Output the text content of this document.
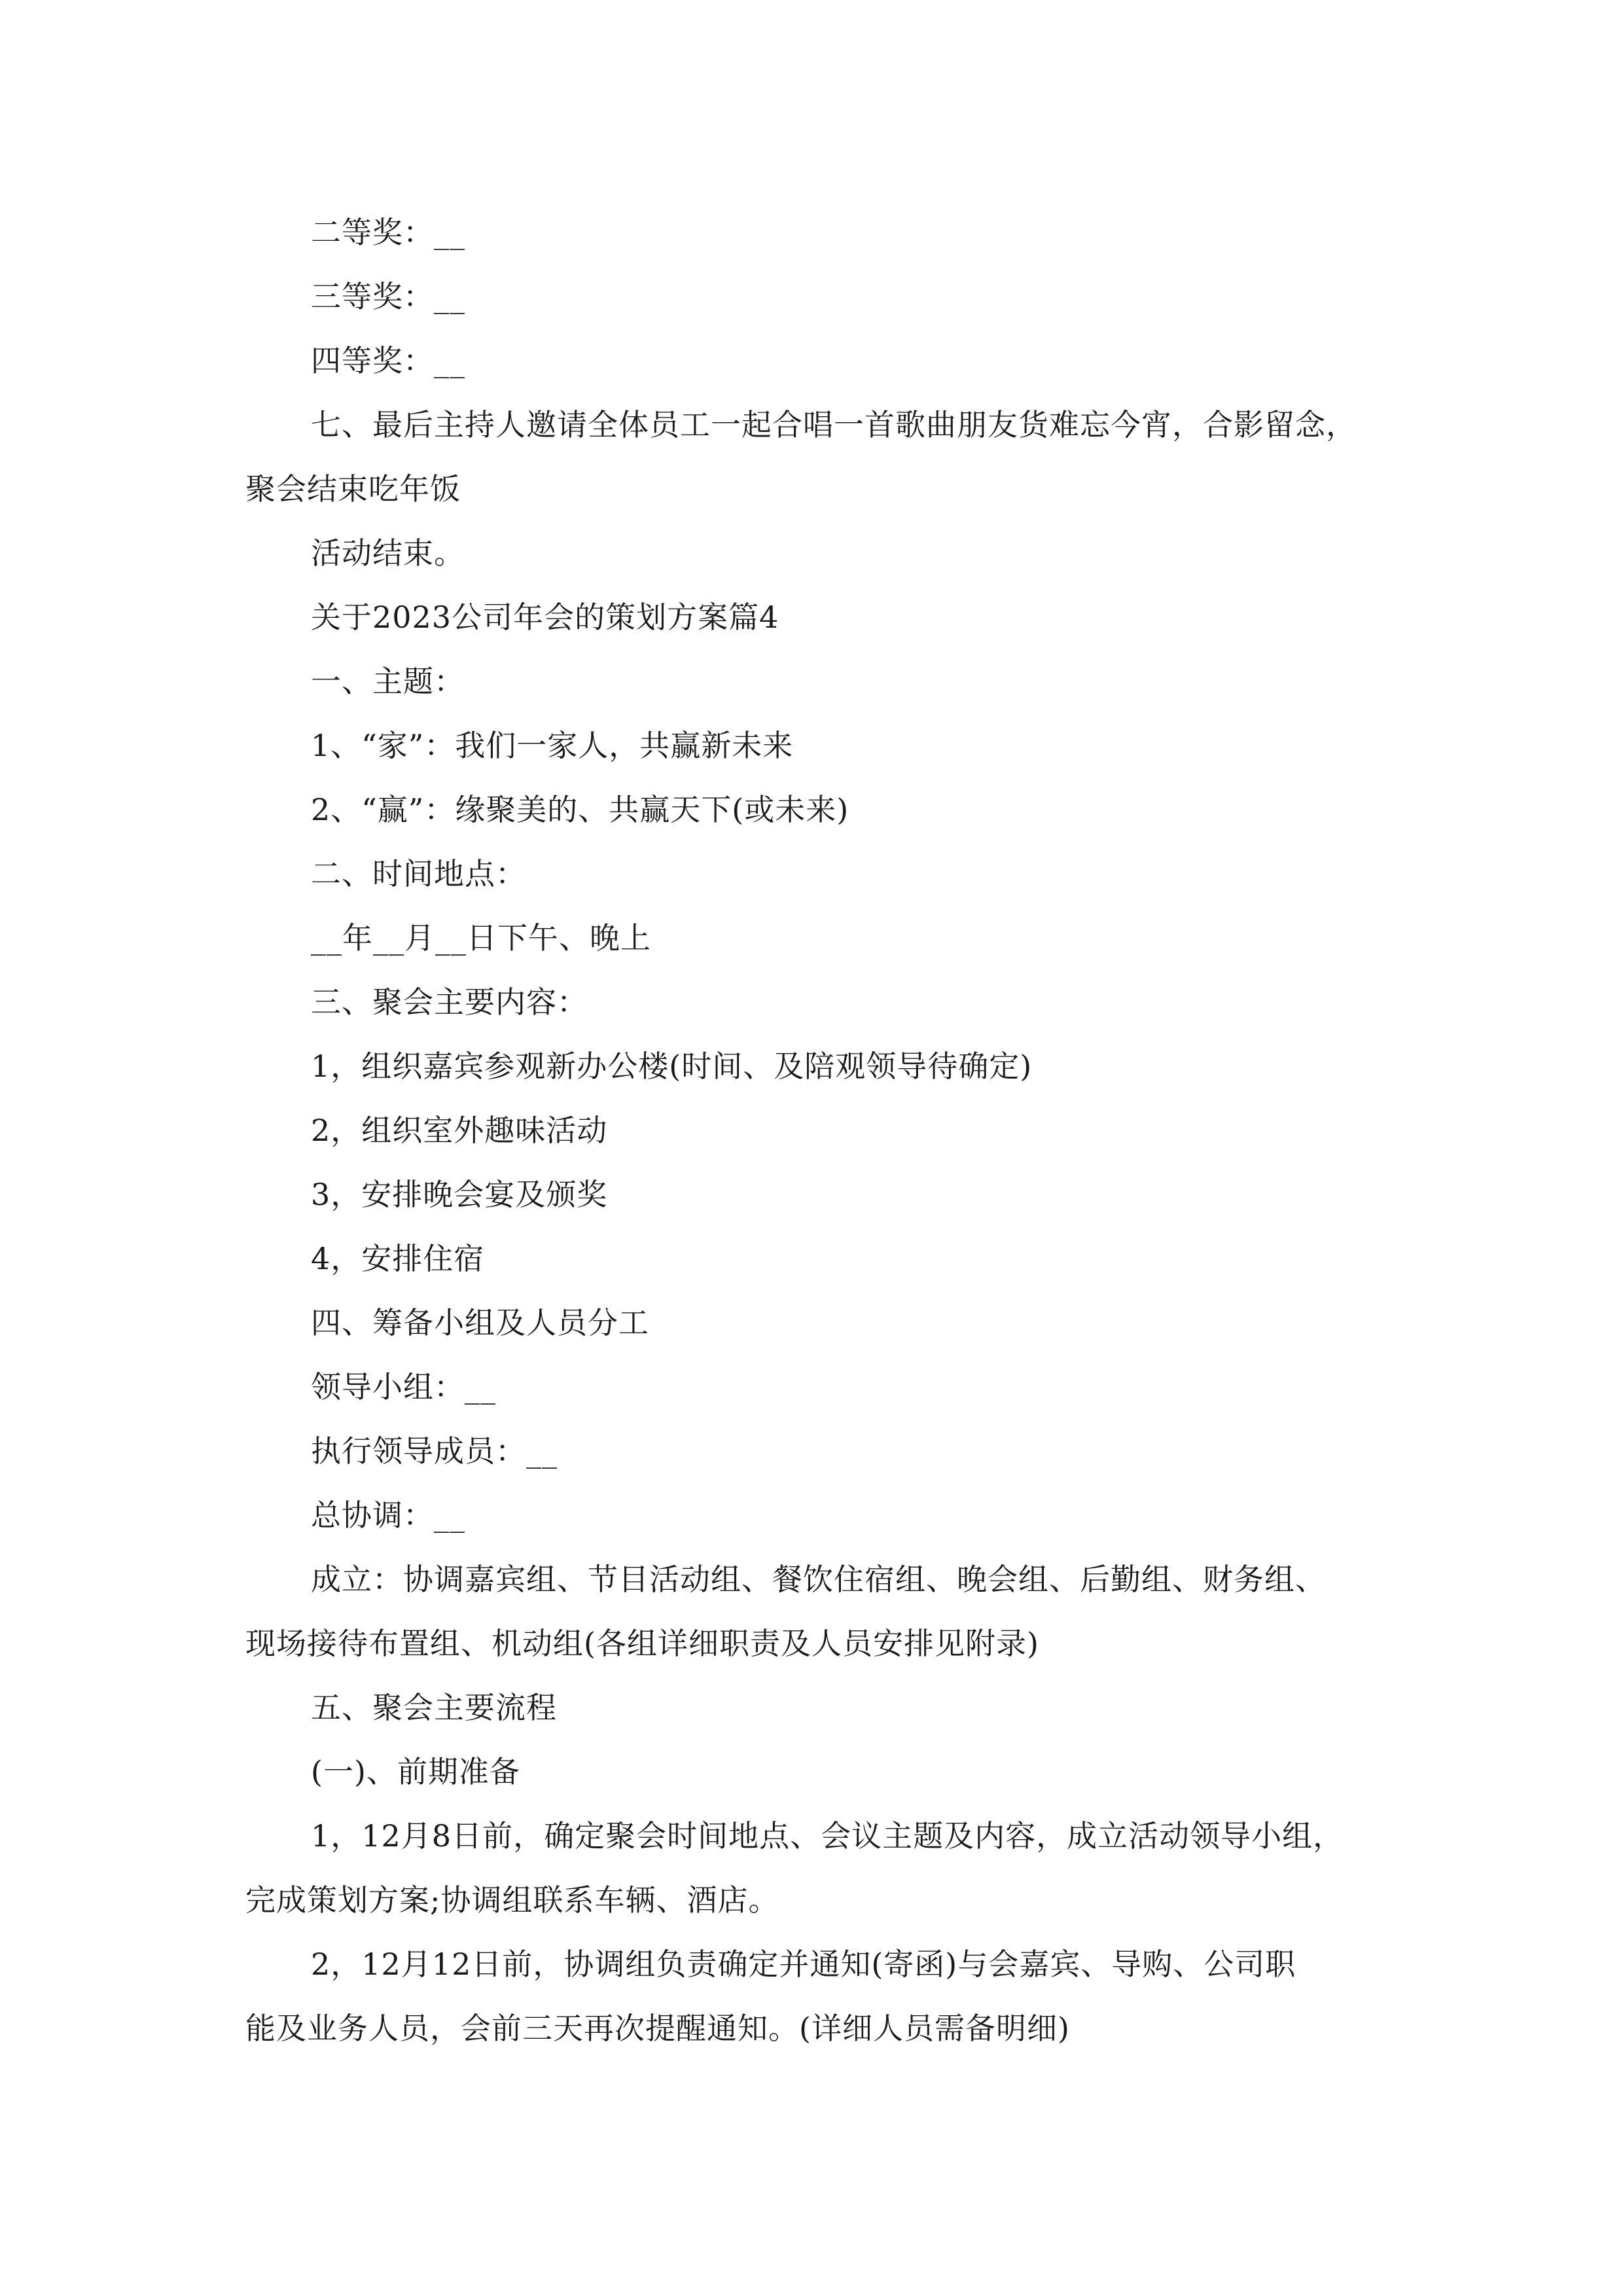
二等奖：__
三等奖：__
四等奖：__
七、最后主持人邀请全体员工一起合唱一首歌曲朋友货难忘今宵，合影留念，
聚会结束吃年饭
活动结束。
关于2023公司年会的策划方案篇4
一、主题：
1、“家”：我们一家人，共赢新未来
2、“赢”：缘聚美的、共赢天下(或未来)
二、时间地点：
__年__月__日下午、晚上
三、聚会主要内容：
1，组织嘉宾参观新办公楼(时间、及陪观领导待确定)
2，组织室外趣味活动
3，安排晚会宴及颁奖
4，安排住宿
四、筹备小组及人员分工
领导小组：__
执行领导成员：__
总协调：__
成立：协调嘉宾组、节目活动组、餐饮住宿组、晚会组、后勤组、财务组、
现场接待布置组、机动组(各组详细职责及人员安排见附录)
五、聚会主要流程
(一)、前期准备
1，12月8日前，确定聚会时间地点、会议主题及内容，成立活动领导小组，
完成策划方案;协调组联系车辆、酒店。
2，12月12日前，协调组负责确定并通知(寄函)与会嘉宾、导购、公司职
能及业务人员，会前三天再次提醒通知。(详细人员需备明细)
